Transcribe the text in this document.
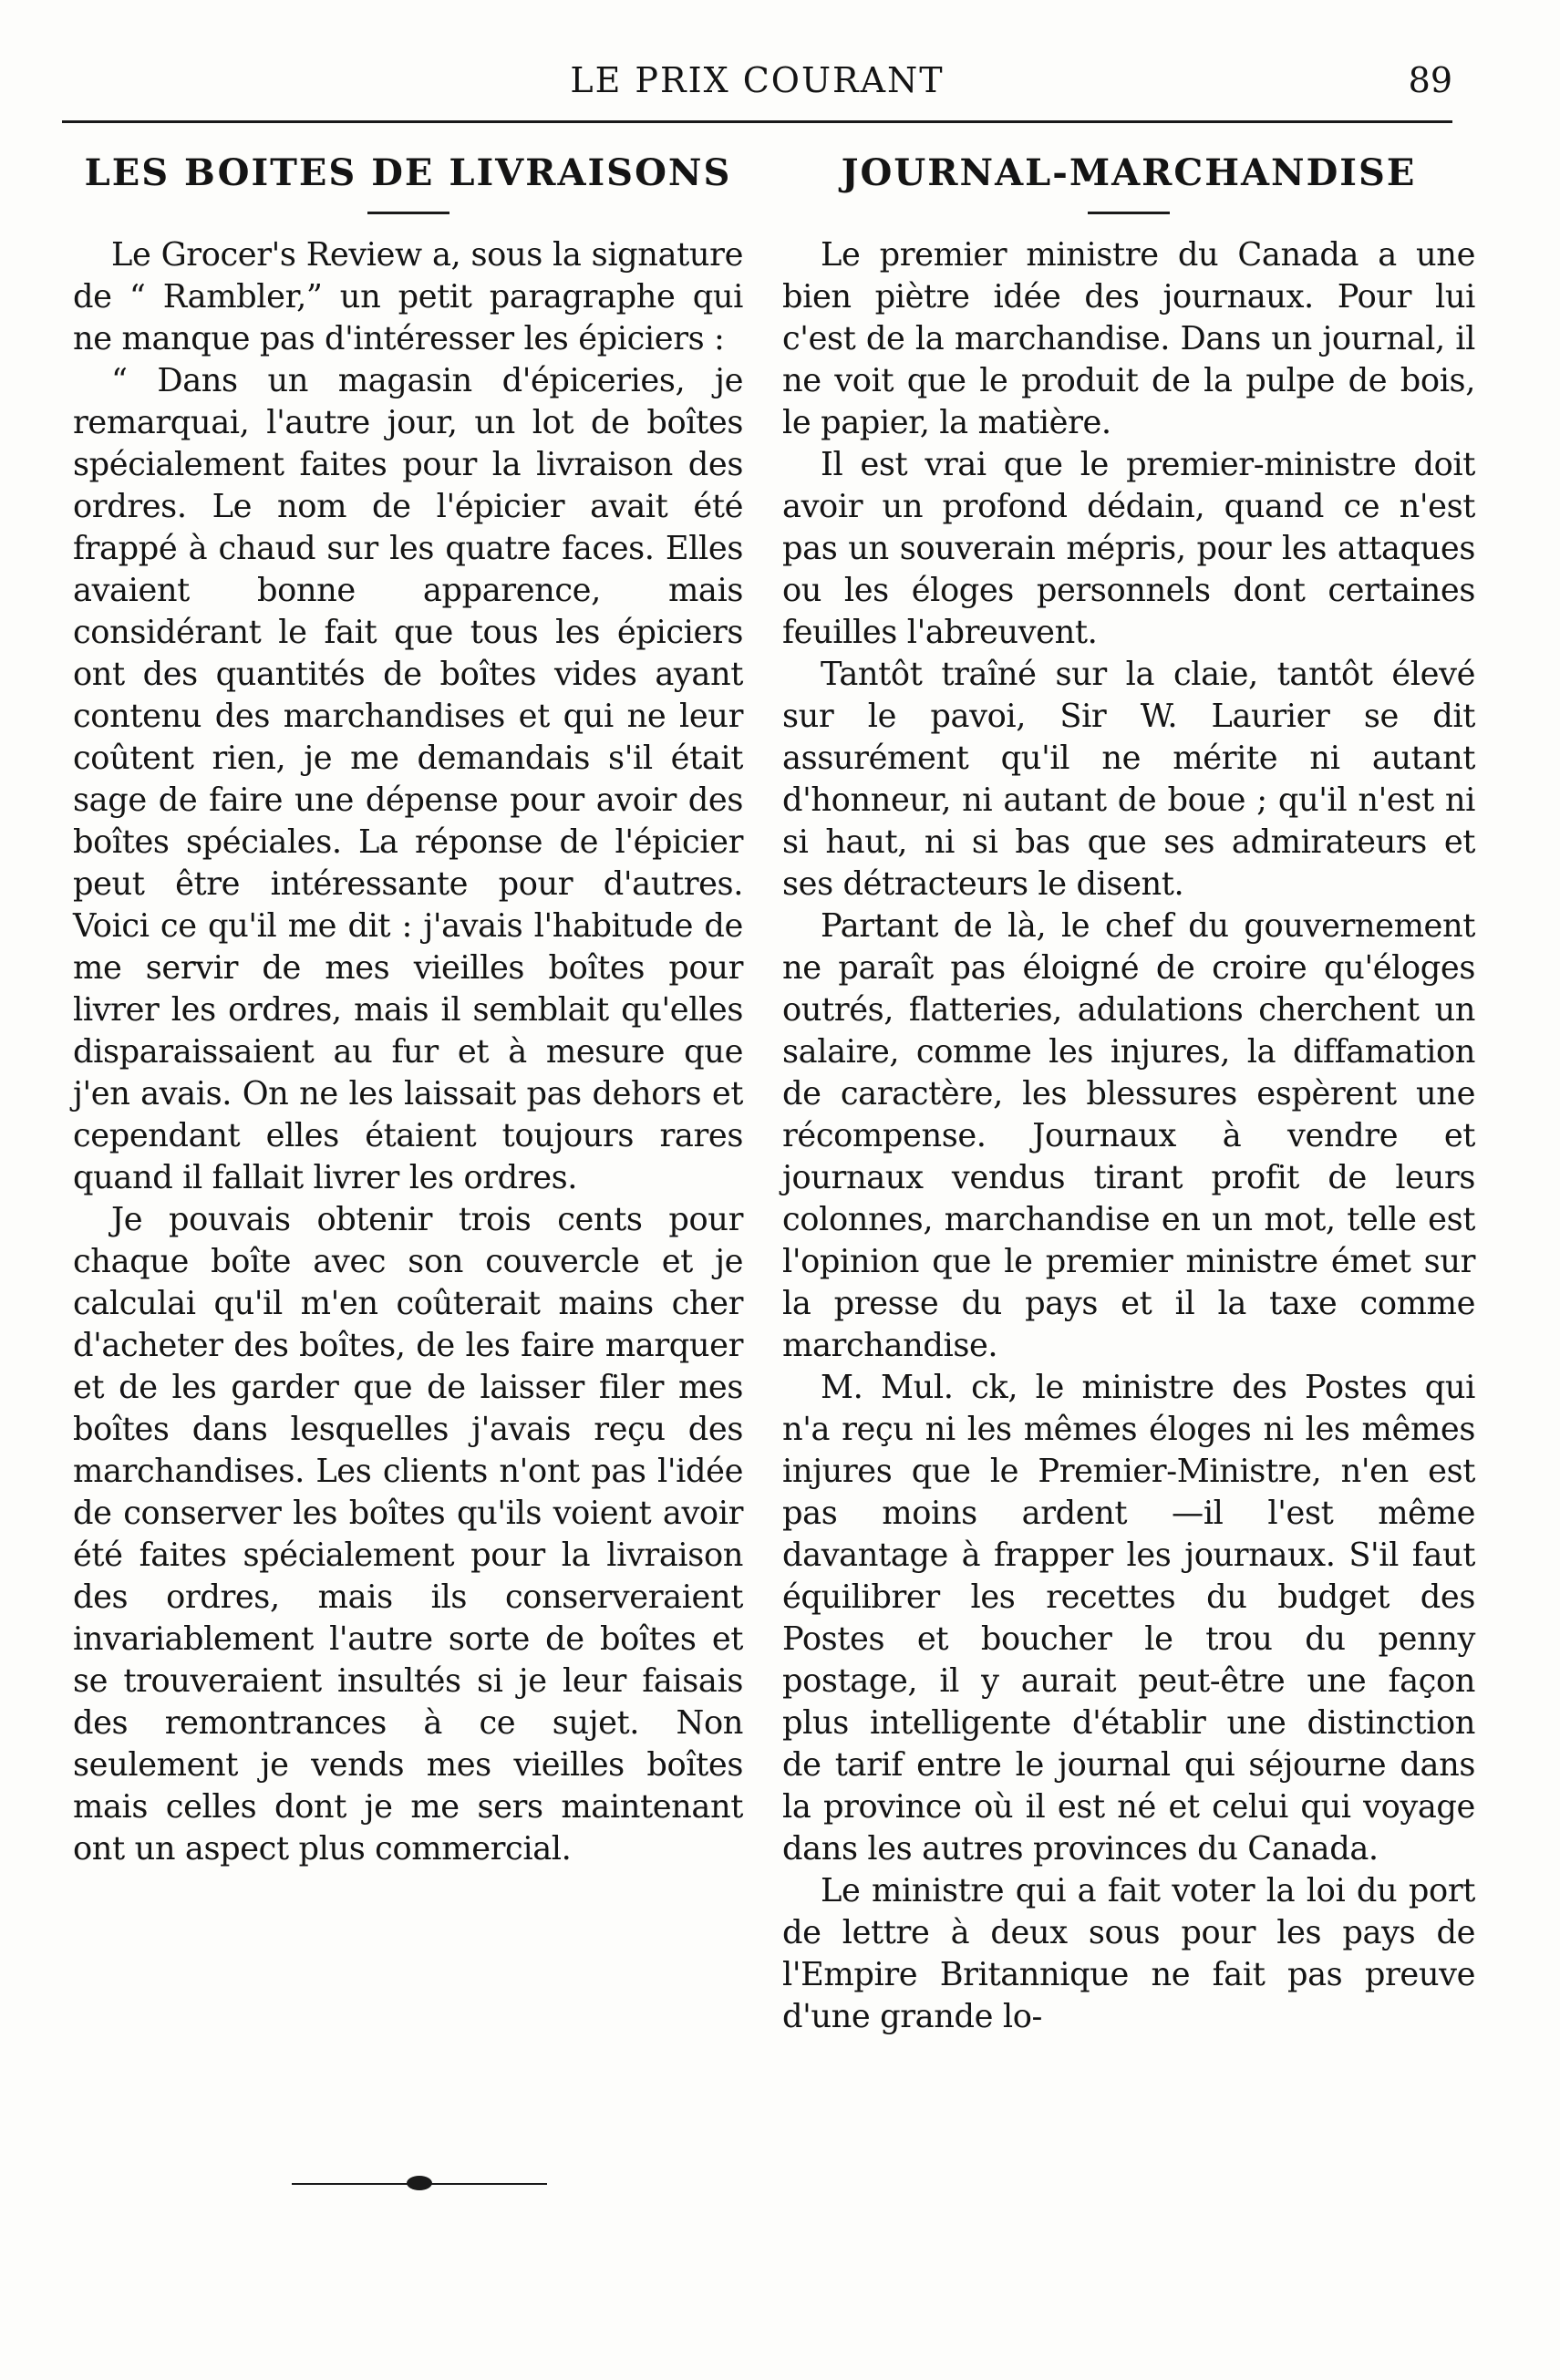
LE PRIX COURANT	89
LES BOITES DE LIVRAISONS

Le Grocer's Review a, sous la signature de “ Rambler,” un petit paragraphe qui ne manque pas d'intéresser les épiciers :

“ Dans un magasin d'épiceries, je remarquai, l'autre jour, un lot de boîtes spécialement faites pour la livraison des ordres. Le nom de l'épicier avait été frappé à chaud sur les quatre faces. Elles avaient bonne apparence, mais considérant le fait que tous les épiciers ont des quantités de boîtes vides ayant contenu des marchandises et qui ne leur coûtent rien, je me demandais s'il était sage de faire une dépense pour avoir des boîtes spéciales. La réponse de l'épicier peut être intéressante pour d'autres. Voici ce qu'il me dit : j'avais l'habitude de me servir de mes vieilles boîtes pour livrer les ordres, mais il semblait qu'elles disparaissaient au fur et à mesure que j'en avais. On ne les laissait pas dehors et cependant elles étaient toujours rares quand il fallait livrer les ordres.

Je pouvais obtenir trois cents pour chaque boîte avec son couvercle et je calculai qu'il m'en coûterait mains cher d'acheter des boîtes, de les faire marquer et de les garder que de laisser filer mes boîtes dans lesquelles j'avais reçu des marchandises. Les clients n'ont pas l'idée de conserver les boîtes qu'ils voient avoir été faites spécialement pour la livraison des ordres, mais ils conserveraient invariablement l'autre sorte de boîtes et se trouveraient insultés si je leur faisais des remontrances à ce sujet. Non seulement je vends mes vieilles boîtes mais celles dont je me sers maintenant ont un aspect plus commercial.

JOURNAL-MARCHANDISE

Le premier ministre du Canada a une bien piètre idée des journaux. Pour lui c'est de la marchandise. Dans un journal, il ne voit que le produit de la pulpe de bois, le papier, la matière.

Il est vrai que le premier-ministre doit avoir un profond dédain, quand ce n'est pas un souverain mépris, pour les attaques ou les éloges personnels dont certaines feuilles l'abreuvent.

Tantôt traîné sur la claie, tantôt élevé sur le pavoi, Sir W. Laurier se dit assurément qu'il ne mérite ni autant d'honneur, ni autant de boue ; qu'il n'est ni si haut, ni si bas que ses admirateurs et ses détracteurs le disent.

Partant de là, le chef du gouvernement ne paraît pas éloigné de croire qu'éloges outrés, flatteries, adulations cherchent un salaire, comme les injures, la diffamation de caractère, les blessures espèrent une récompense. Journaux à vendre et journaux vendus tirant profit de leurs colonnes, marchandise en un mot, telle est l'opinion que le premier ministre émet sur la presse du pays et il la taxe comme marchandise.

M. Mul. ck, le ministre des Postes qui n'a reçu ni les mêmes éloges ni les mêmes injures que le Premier-Ministre, n'en est pas moins ardent —il l'est même davantage à frapper les journaux. S'il faut équilibrer les recettes du budget des Postes et boucher le trou du penny postage, il y aurait peut-être une façon plus intelligente d'établir une distinction de tarif entre le journal qui séjourne dans la province où il est né et celui qui voyage dans les autres provinces du Canada.

Le ministre qui a fait voter la loi du port de lettre à deux sous pour les pays de l'Empire Britannique ne fait pas preuve d'une grande lo-
